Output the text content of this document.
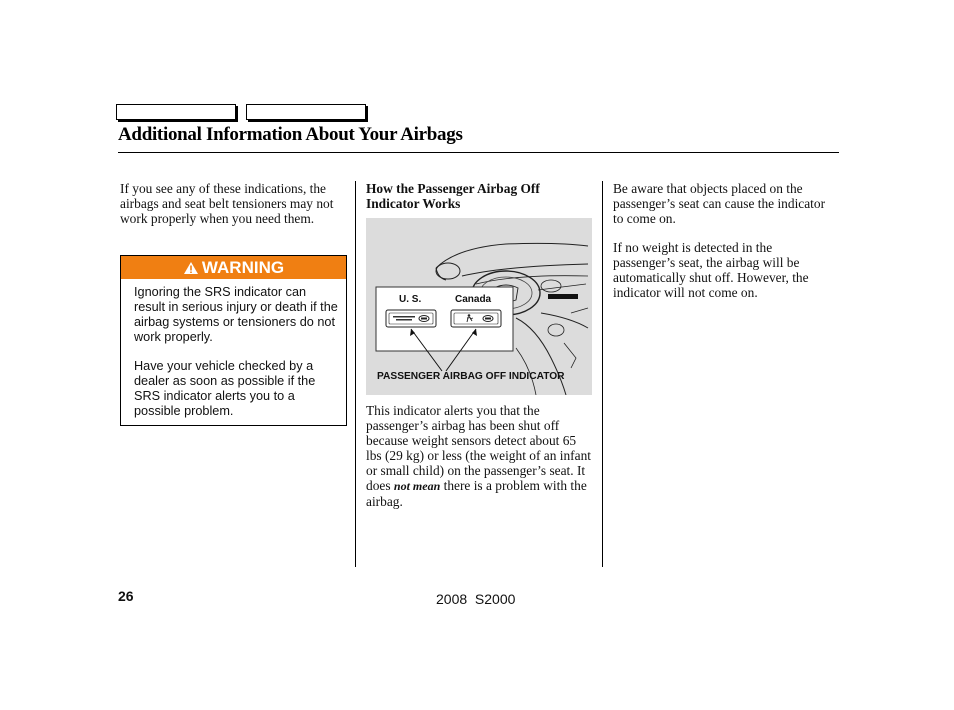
Additional Information About Your Airbags
If you see any of these indications, the airbags and seat belt tensioners may not work properly when you need them.
WARNING
Ignoring the SRS indicator can result in serious injury or death if the airbag systems or tensioners do not work properly.
Have your vehicle checked by a dealer as soon as possible if the SRS indicator alerts you to a possible problem.
How the Passenger Airbag Off Indicator Works
U. S.	Canada
PASSENGER AIRBAG OFF INDICATOR
This indicator alerts you that the passenger’s airbag has been shut off because weight sensors detect about 65 lbs (29 kg) or less (the weight of an infant or small child) on the passenger’s seat. It does not mean there is a problem with the airbag.
Be aware that objects placed on the passenger’s seat can cause the indicator to come on.
If no weight is detected in the passenger’s seat, the airbag will be automatically shut off. However, the indicator will not come on.
26	2008  S2000
